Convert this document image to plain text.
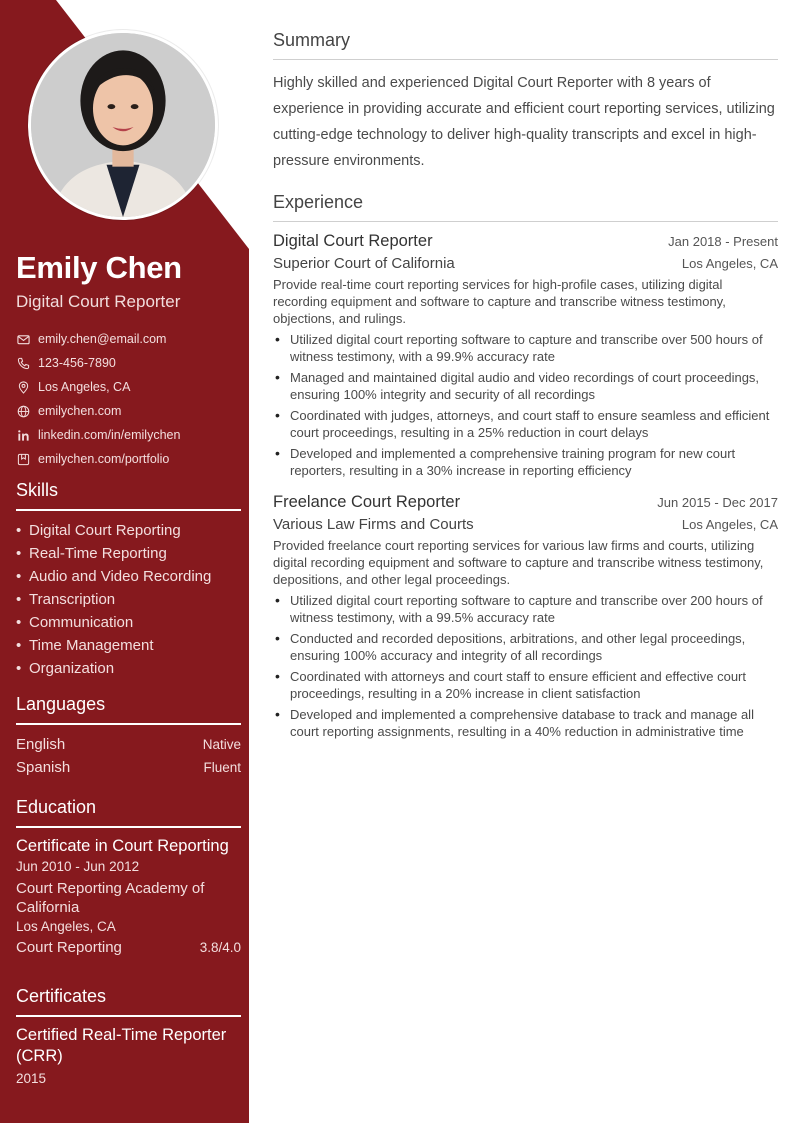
Emily Chen
Digital Court Reporter
emily.chen@email.com
123-456-7890
Los Angeles, CA
emilychen.com
linkedin.com/in/emilychen
emilychen.com/portfolio
Skills
• Digital Court Reporting
• Real-Time Reporting
• Audio and Video Recording
• Transcription
• Communication
• Time Management
• Organization
Languages
English	Native
Spanish	Fluent
Education
Certificate in Court Reporting
Jun 2010 - Jun 2012
Court Reporting Academy of California
Los Angeles, CA
Court Reporting	3.8/4.0
Certificates
Certified Real-Time Reporter (CRR)
2015
Summary

Highly skilled and experienced Digital Court Reporter with 8 years of experience in providing accurate and efficient court reporting services, utilizing cutting-edge technology to deliver high-quality transcripts and excel in high-pressure environments.

Experience
Digital Court Reporter	Jan 2018 - Present
Superior Court of California	Los Angeles, CA

Provide real-time court reporting services for high-profile cases, utilizing digital recording equipment and software to capture and transcribe witness testimony, objections, and rulings.

• Utilized digital court reporting software to capture and transcribe over 500 hours of witness testimony, with a 99.9% accuracy rate
• Managed and maintained digital audio and video recordings of court proceedings, ensuring 100% integrity and security of all recordings
• Coordinated with judges, attorneys, and court staff to ensure seamless and efficient court proceedings, resulting in a 25% reduction in court delays
• Developed and implemented a comprehensive training program for new court reporters, resulting in a 30% increase in reporting efficiency
Freelance Court Reporter	Jun 2015 - Dec 2017
Various Law Firms and Courts	Los Angeles, CA

Provided freelance court reporting services for various law firms and courts, utilizing digital recording equipment and software to capture and transcribe witness testimony, depositions, and other legal proceedings.

• Utilized digital court reporting software to capture and transcribe over 200 hours of witness testimony, with a 99.5% accuracy rate
• Conducted and recorded depositions, arbitrations, and other legal proceedings, ensuring 100% accuracy and integrity of all recordings
• Coordinated with attorneys and court staff to ensure efficient and effective court proceedings, resulting in a 20% increase in client satisfaction
• Developed and implemented a comprehensive database to track and manage all court reporting assignments, resulting in a 40% reduction in administrative time
